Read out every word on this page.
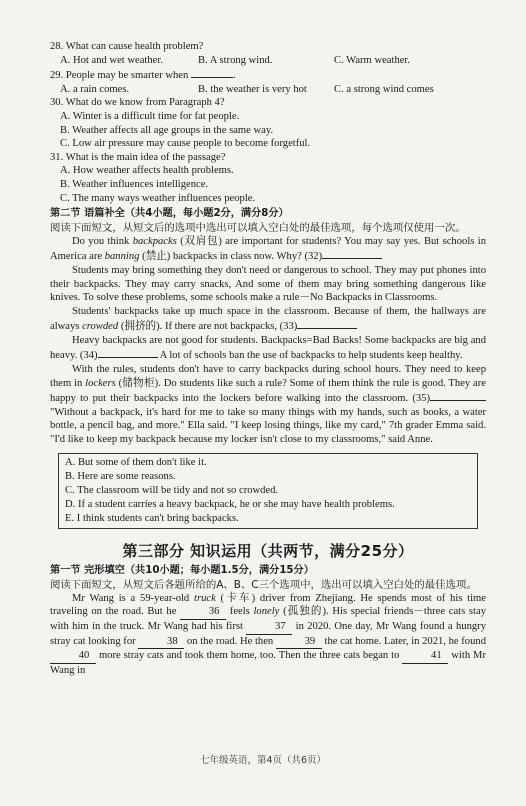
28. What can cause health problem?

A. Hot and wet weather.	B. A strong wind.	C. Warm weather.

29. People may be smarter when	.

A. a rain comes.	B. the weather is very hot	C. a strong wind comes

30. What do we know from Paragraph 4?

A. Winter is a difficult time for fat people.
B. Weather affects all age groups in the same way.
C. Low air pressure may cause people to become forgetful.

31. What is the main idea of the passage?

A. How weather affects health problems.
B. Weather influences intelligence.
C. The many ways weather influences people.
第二节 语篇补全（共4小题，每小题2分，满分8分）
阅读下面短文，从短文后的选项中选出可以填入空白处的最佳选项，每个选项仅使用一次。

Do you think backpacks (双肩包) are important for students? You may say yes. But schools in America are banning (禁止) backpacks in class now. Why? (32)

Students may bring something they don't need or dangerous to school. They may put phones into their backpacks. They may carry snacks, And some of them may bring something dangerous like knives. To solve these problems, some schools make a rule－No Backpacks in Classrooms.

Students' backpacks take up much space in the classroom. Because of them, the hallways are always crowded (拥挤的). If there are not backpacks, (33)

Heavy backpacks are not good for students. Backpacks=Bad Backs! Some backpacks are big and heavy. (34)	A lot of schools ban the use of backpacks to help students keep healthy.

With the rules, students don't have to carry backpacks during school hours. They need to keep them in lockers (储物柜). Do students like such a rule? Some of them think the rule is good. They are happy to put their backpacks into the lockers before walking into the classroom. (35) "Without a backpack, it's hard for me to take so many things with my hands, such as books, a water bottle, a pencil bag, and more." Ella said. "I keep losing things, like my card," 7th grader Emma said. "I'd like to keep my backpack because my locker isn't close to my classrooms," said Anne.

A. But some of them don't like it.
B. Here are some reasons.
C. The classroom will be tidy and not so crowded.
D. If a student carries a heavy backpack, he or she may have health problems.
E. I think students can't bring backpacks.
第三部分 知识运用（共两节，满分25分）
第一节 完形填空（共10小题；每小题1.5分，满分15分）
阅读下面短文，从短文后各题所给的A、B、C三个选项中，选出可以填入空白处的最佳选项。

Mr Wang is a 59-year-old truck (卡车) driver from Zhejiang. He spends most of his time traveling on the road. But he	36 feels lonely (孤独的). His special friends－three cats stay with him in the truck. Mr Wang had his first	37 in 2020. One day, Mr Wang found a hungry stray cat looking for	38 on the road. He then	39 the cat home. Later, in 2021, he found 40 more stray cats and took them home, too. Then the three cats began to	41 with Mr Wang in

七年级英语，第4页（共6页）
